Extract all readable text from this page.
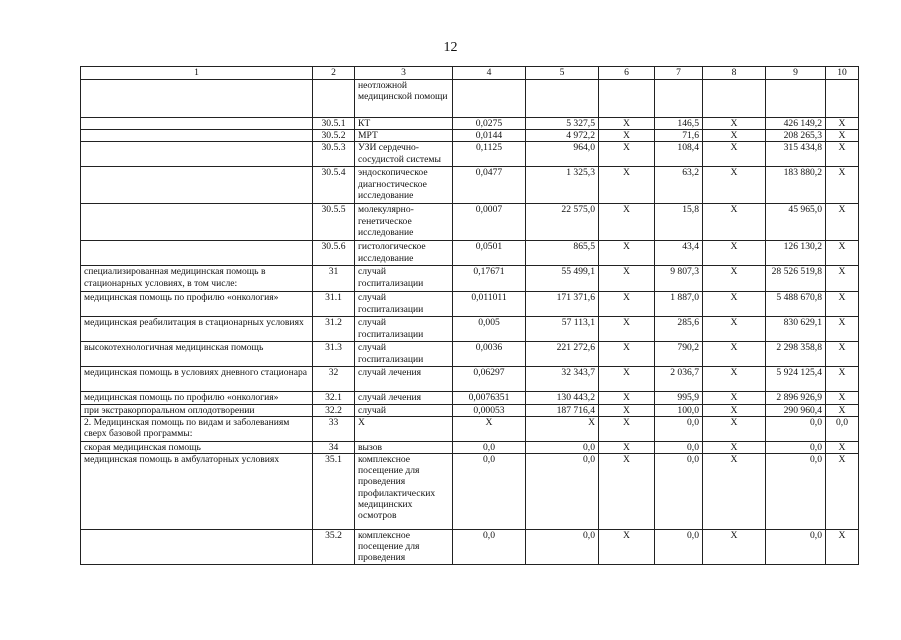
12
1	2	3	4	5	6	7	8	9	10
		неотложной медицинской помощи							
	30.5.1	КТ	0,0275	5 327,5	X	146,5	X	426 149,2	X
	30.5.2	МРТ	0,0144	4 972,2	X	71,6	X	208 265,3	X
	30.5.3	УЗИ сердечно-сосудистой системы	0,1125	964,0	X	108,4	X	315 434,8	X
	30.5.4	эндоскопическое диагностическое исследование	0,0477	1 325,3	X	63,2	X	183 880,2	X
	30.5.5	молекулярно-генетическое исследование	0,0007	22 575,0	X	15,8	X	45 965,0	X
	30.5.6	гистологическое исследование	0,0501	865,5	X	43,4	X	126 130,2	X
специализированная медицинская помощь в стационарных условиях, в том числе:	31	случай госпитализации	0,17671	55 499,1	X	9 807,3	X	28 526 519,8	X
медицинская помощь по профилю «онкология»	31.1	случай госпитализации	0,011011	171 371,6	X	1 887,0	X	5 488 670,8	X
медицинская реабилитация в стационарных условиях	31.2	случай госпитализации	0,005	57 113,1	X	285,6	X	830 629,1	X
высокотехнологичная медицинская помощь	31.3	случай госпитализации	0,0036	221 272,6	X	790,2	X	2 298 358,8	X
медицинская помощь в условиях дневного стационара	32	случай лечения	0,06297	32 343,7	X	2 036,7	X	5 924 125,4	X
медицинская помощь по профилю «онкология»	32.1	случай лечения	0,0076351	130 443,2	X	995,9	X	2 896 926,9	X
при экстракорпоральном оплодотворении	32.2	случай	0,00053	187 716,4	X	100,0	X	290 960,4	X
2. Медицинская помощь по видам и заболеваниям сверх базовой программы:	33	X	X	X	X	0,0	X	0,0	0,0
скорая медицинская помощь	34	вызов	0,0	0,0	X	0,0	X	0,0	X
медицинская помощь в амбулаторных условиях	35.1	комплексное посещение для проведения профилактических медицинских осмотров	0,0	0,0	X	0,0	X	0,0	X
	35.2	комплексное посещение для проведения	0,0	0,0	X	0,0	X	0,0	X
